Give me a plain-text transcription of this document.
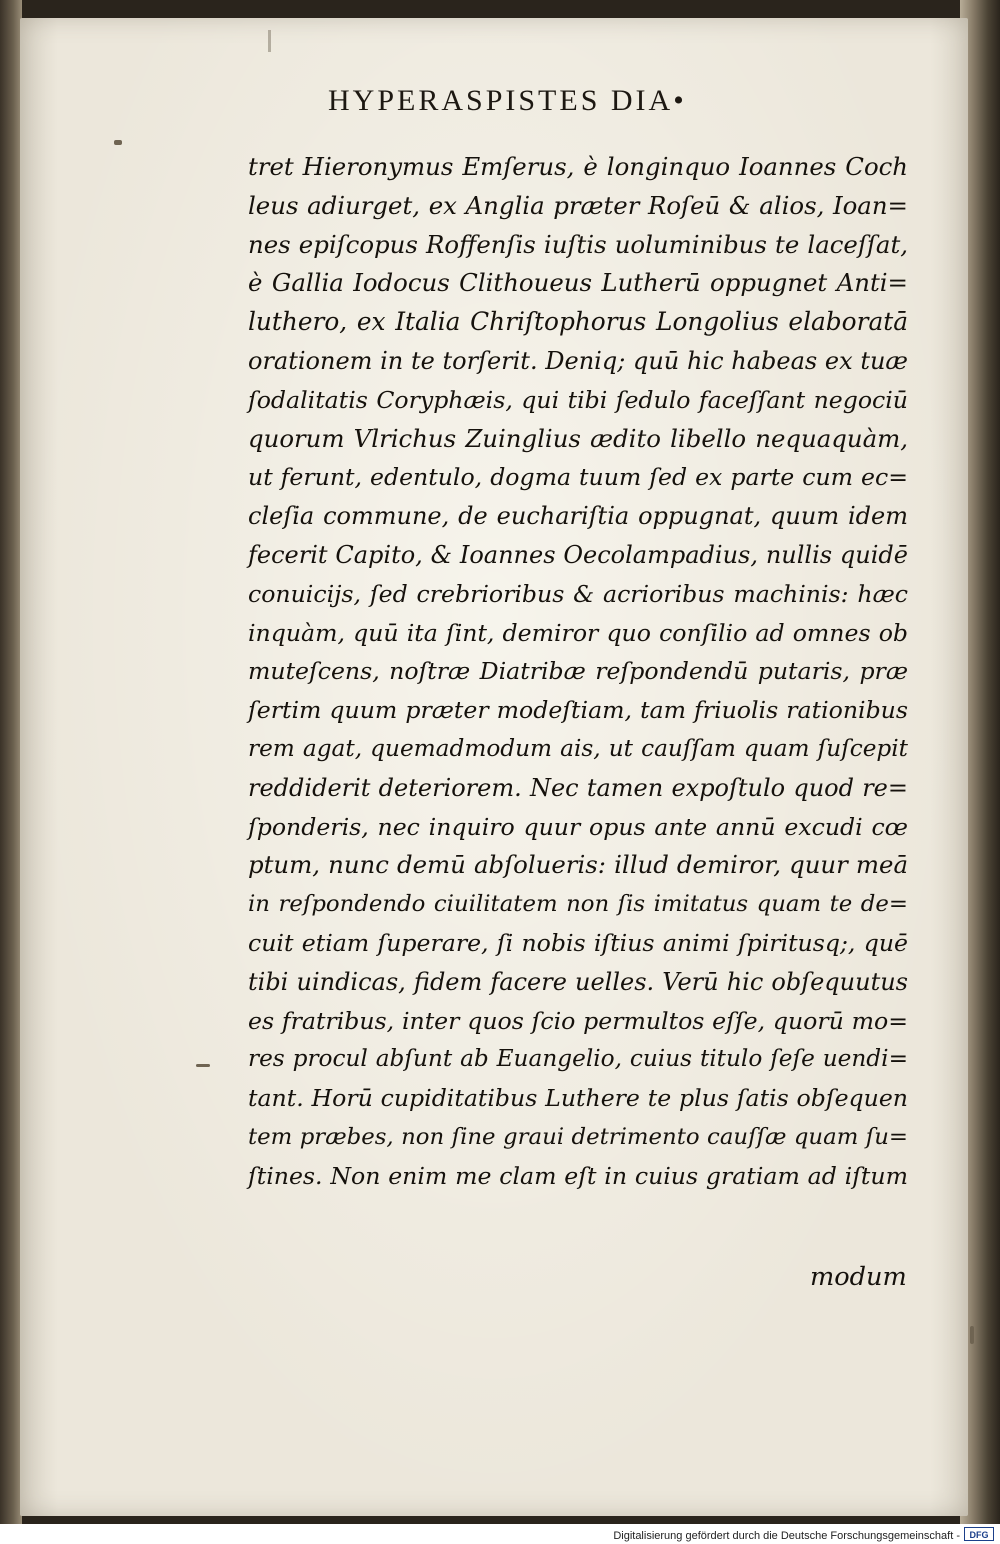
HYPERASPISTES DIA•
tret Hieronymus Emſerus, è longinquo Ioannes Coch
leus adiurget, ex Anglia præter Roſeū & alios, Ioan=
nes epiſcopus Roffenſis iuſtis uoluminibus te laceſſat,
è Gallia Iodocus Clithoueus Lutherū oppugnet Anti=
luthero, ex Italia Chriſtophorus Longolius elaboratā
orationem in te torſerit. Deniq; quū hic habeas ex tuæ
ſodalitatis Coryphæis, qui tibi ſedulo faceſſant negociū
quorum Vlrichus Zuinglius ædito libello nequaquàm,
ut ferunt, edentulo, dogma tuum ſed ex parte cum ec=
cleſia commune, de euchariſtia oppugnat, quum idem
fecerit Capito, & Ioannes Oecolampadius, nullis quidē
conuicijs, ſed crebrioribus & acrioribus machinis: hæc
inquàm, quū ita ſint, demiror quo conſilio ad omnes ob
muteſcens, noſtræ Diatribæ reſpondendū putaris, præ
ſertim quum præter modeſtiam, tam friuolis rationibus
rem agat, quemadmodum ais, ut cauſſam quam ſuſcepit
reddiderit deteriorem. Nec tamen expoſtulo quod re=
ſponderis, nec inquiro quur opus ante annū excudi cœ
ptum, nunc demū abſolueris: illud demiror, quur meā
in reſpondendo ciuilitatem non ſis imitatus quam te de=
cuit etiam ſuperare, ſi nobis iſtius animi ſpiritusq;, quē
tibi uindicas, fidem facere uelles. Verū hic obſequutus
es fratribus, inter quos ſcio permultos eſſe, quorū mo=
res procul abſunt ab Euangelio, cuius titulo ſeſe uendi=
tant. Horū cupiditatibus Luthere te plus ſatis obſequen
tem præbes, non ſine graui detrimento cauſſæ quam ſu=
ſtines. Non enim me clam eſt in cuius gratiam ad iſtum
modum
Digitalisierung gefördert durch die Deutsche Forschungsgemeinschaft -	DFG
